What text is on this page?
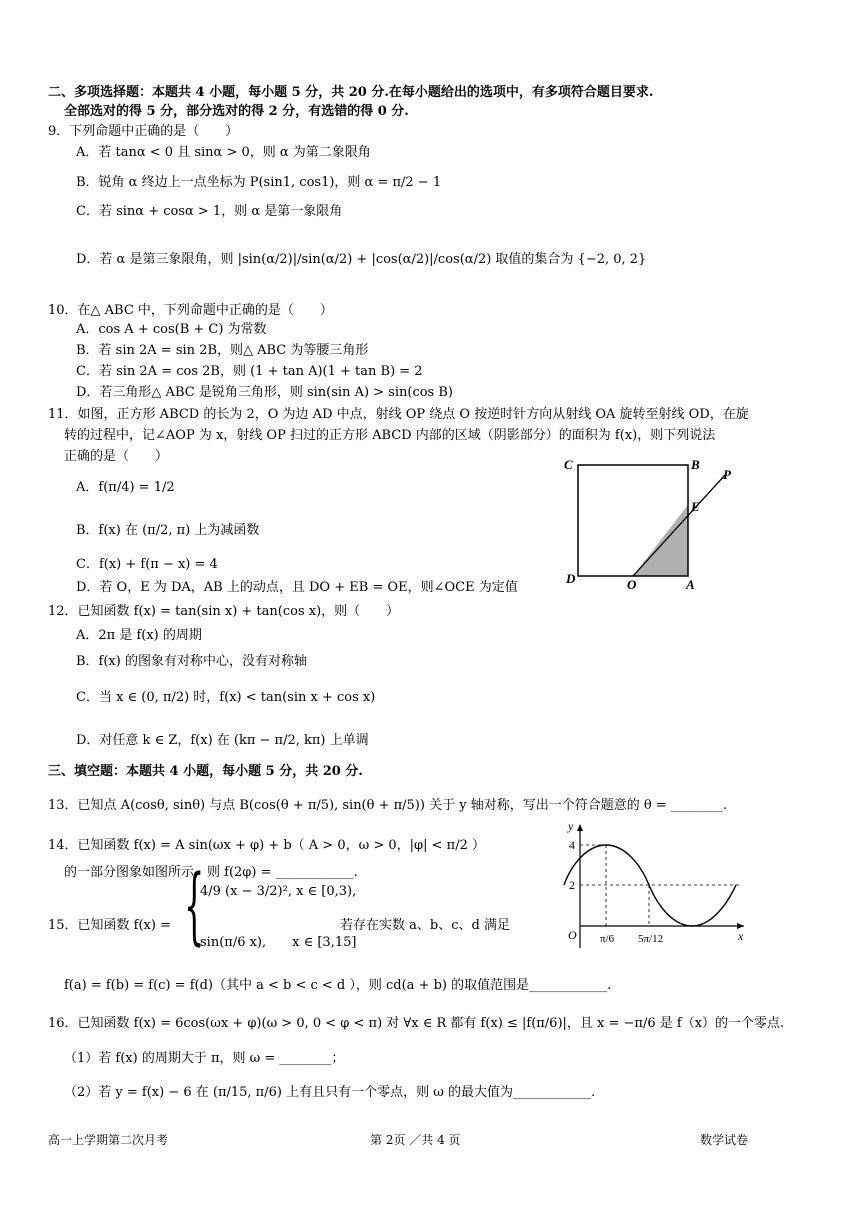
二、多项选择题：本题共 4 小题，每小题 5 分，共 20 分.在每小题给出的选项中，有多项符合题目要求.
全部选对的得 5 分，部分选对的得 2 分，有选错的得 0 分.
9．下列命题中正确的是（　　）
A．若 tanα < 0 且 sinα > 0，则 α 为第二象限角
B．锐角 α 终边上一点坐标为 P(sin1, cos1)，则 α = π/2 − 1
C．若 sinα + cosα > 1，则 α 是第一象限角
D．若 α 是第三象限角，则 |sin(α/2)|/sin(α/2) + |cos(α/2)|/cos(α/2) 取值的集合为 {−2, 0, 2}
10．在△ ABC 中，下列命题中正确的是（　　）
A．cos A + cos(B + C) 为常数
B．若 sin 2A = sin 2B，则△ ABC 为等腰三角形
C．若 sin 2A = cos 2B，则 (1 + tan A)(1 + tan B) = 2
D．若三角形△ ABC 是锐角三角形，则 sin(sin A) > sin(cos B)
11．如图，正方形 ABCD 的长为 2，O 为边 AD 中点，射线 OP 绕点 O 按逆时针方向从射线 OA 旋转至射线 OD，在旋
转的过程中，记∠AOP 为 x，射线 OP 扫过的正方形 ABCD 内部的区域（阴影部分）的面积为 f(x)，则下列说法
正确的是（　　）
A．f(π/4) = 1/2
B．f(x) 在 (π/2, π) 上为减函数
C．f(x) + f(π − x) = 4
D．若 O，E 为 DA，AB 上的动点，且 DO + EB = OE，则∠OCE 为定值
C	B
P
E
D	O	A
12．已知函数 f(x) = tan(sin x) + tan(cos x)，则（　　）
A．2π 是 f(x) 的周期
B．f(x) 的图象有对称中心，没有对称轴
C．当 x ∈ (0, π/2) 时，f(x) < tan(sin x + cos x)
D．对任意 k ∈ Z，f(x) 在 (kπ − π/2, kπ) 上单调
三、填空题：本题共 4 小题，每小题 5 分，共 20 分.
13．已知点 A(cosθ, sinθ) 与点 B(cos(θ + π/5), sin(θ + π/5)) 关于 y 轴对称，写出一个符合题意的 θ = ________.
14．已知函数 f(x) = A sin(ωx + φ) + b（ A > 0，ω > 0，|φ| < π/2 ）
的一部分图象如图所示，则 f(2φ) = ____________.
y
x
O
4
2
π/6 5π/12
15．已知函数 f(x) = {
4/9 (x − 3/2)², x ∈ [0,3),
sin(π/6 x),　　x ∈ [3,15]
若存在实数 a、b、c、d 满足
f(a) = f(b) = f(c) = f(d)（其中 a < b < c < d ），则 cd(a + b) 的取值范围是____________.
16．已知函数 f(x) = 6cos(ωx + φ)(ω > 0, 0 < φ < π) 对 ∀x ∈ R 都有 f(x) ≤ |f(π/6)|，且 x = −π/6 是 f（x）的一个零点.
（1）若 f(x) 的周期大于 π，则 ω = ________；
（2）若 y = f(x) − 6 在 (π/15, π/6) 上有且只有一个零点，则 ω 的最大值为____________.
高一上学期第二次月考	第 2页 ／共 4 页	数学试卷
